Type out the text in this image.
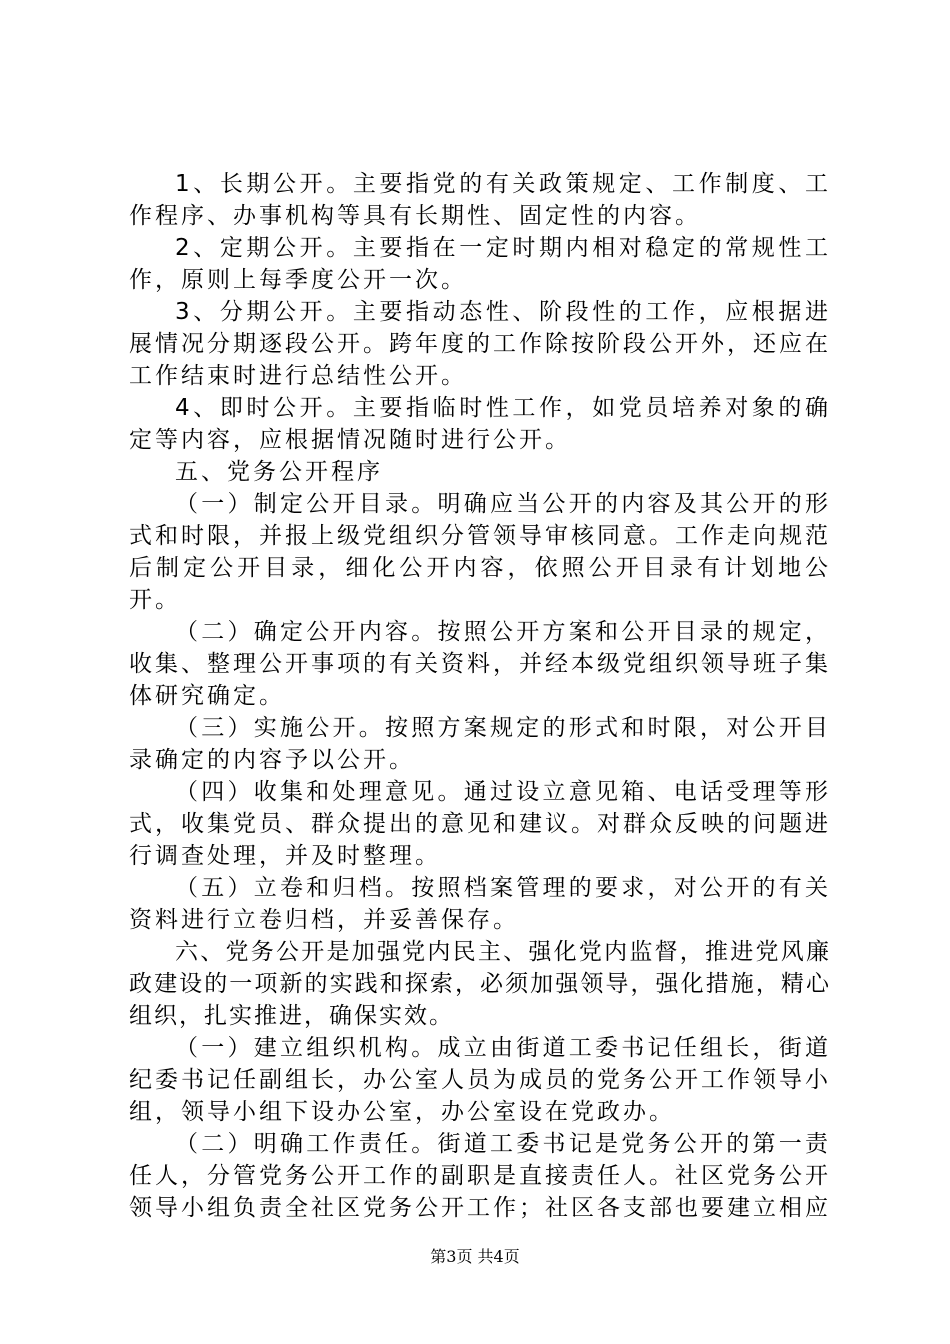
1、长期公开。主要指党的有关政策规定、工作制度、工作程序、办事机构等具有长期性、固定性的内容。

2、定期公开。主要指在一定时期内相对稳定的常规性工作，原则上每季度公开一次。

3、分期公开。主要指动态性、阶段性的工作，应根据进展情况分期逐段公开。跨年度的工作除按阶段公开外，还应在工作结束时进行总结性公开。

4、即时公开。主要指临时性工作，如党员培养对象的确定等内容，应根据情况随时进行公开。

五、党务公开程序

（一）制定公开目录。明确应当公开的内容及其公开的形式和时限，并报上级党组织分管领导审核同意。工作走向规范后制定公开目录，细化公开内容，依照公开目录有计划地公开。

（二）确定公开内容。按照公开方案和公开目录的规定，收集、整理公开事项的有关资料，并经本级党组织领导班子集体研究确定。

（三）实施公开。按照方案规定的形式和时限，对公开目录确定的内容予以公开。

（四）收集和处理意见。通过设立意见箱、电话受理等形式，收集党员、群众提出的意见和建议。对群众反映的问题进行调查处理，并及时整理。

（五）立卷和归档。按照档案管理的要求，对公开的有关资料进行立卷归档，并妥善保存。

六、党务公开是加强党内民主、强化党内监督，推进党风廉政建设的一项新的实践和探索，必须加强领导，强化措施，精心组织，扎实推进，确保实效。

（一）建立组织机构。成立由街道工委书记任组长，街道纪委书记任副组长，办公室人员为成员的党务公开工作领导小组，领导小组下设办公室，办公室设在党政办。

（二）明确工作责任。街道工委书记是党务公开的第一责任人，分管党务公开工作的副职是直接责任人。社区党务公开领导小组负责全社区党务公开工作；社区各支部也要建立相应

第3页 共4页
